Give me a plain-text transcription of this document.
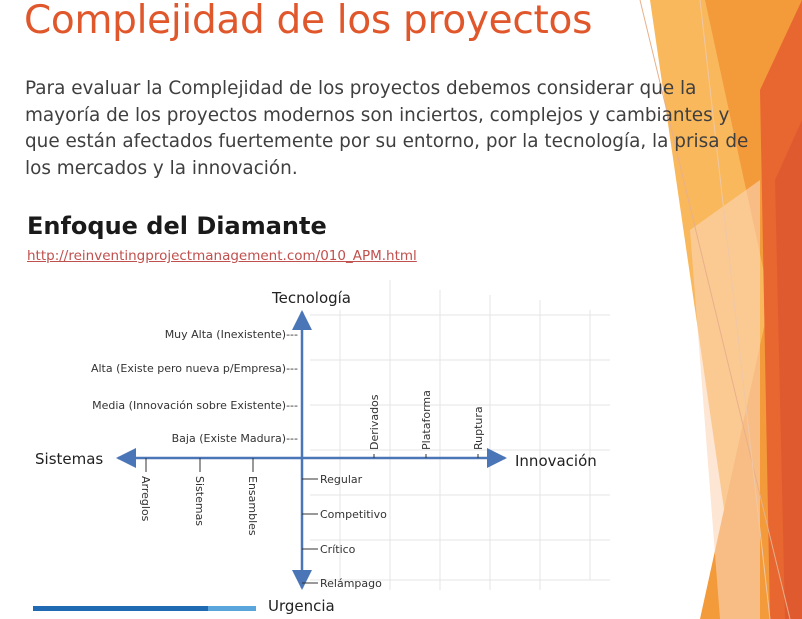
Complejidad de los proyectos

Para evaluar la Complejidad de los proyectos debemos considerar que la mayoría de los proyectos modernos son inciertos, complejos y cambiantes y que están afectados fuertemente por su entorno, por la tecnología, la prisa de los mercados y la innovación.

Enfoque del Diamante
http://reinventingprojectmanagement.com/010_APM.html
Tecnología
Sistemas	Innovación
Urgencia
Muy Alta (Inexistente)---
Alta (Existe pero nueva p/Empresa)---
Media (Innovación sobre Existente)---
Baja (Existe Madura)---	Derivados	Plataforma	Ruptura
Arreglos	Sistemas	Ensambles	Regular
Competitivo
Crítico
Relámpago
